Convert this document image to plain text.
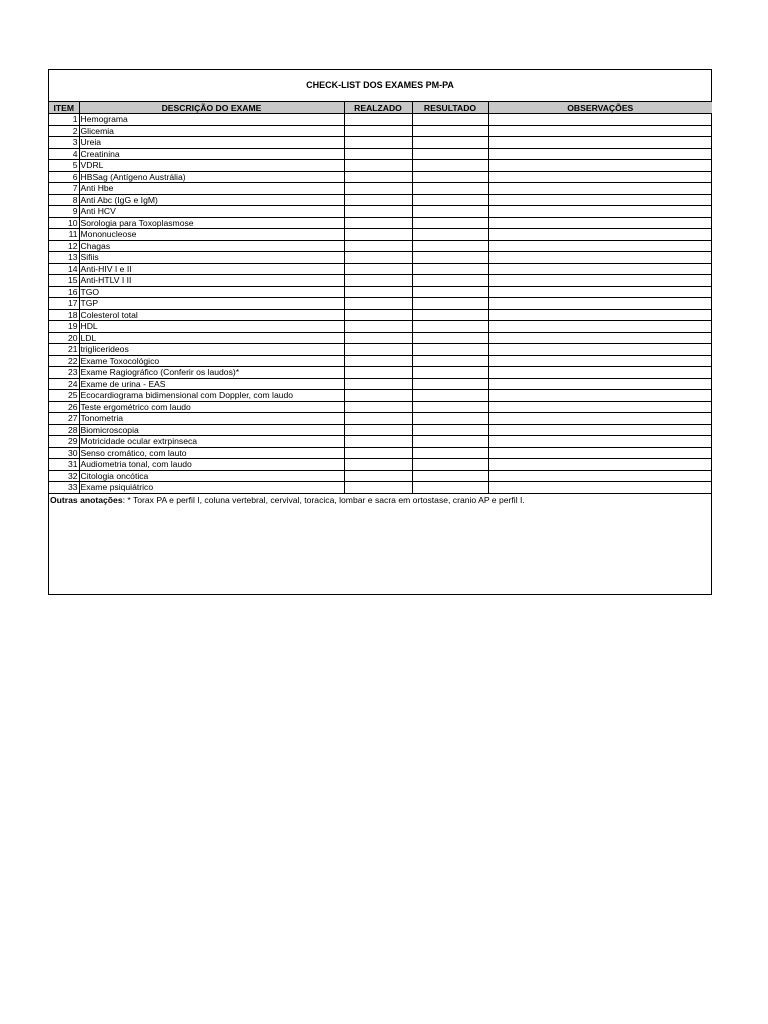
CHECK-LIST DOS EXAMES PM-PA
ITEM	DESCRIÇÃO DO EXAME	REALZADO	RESULTADO	OBSERVAÇÕES
1	Hemograma			
2	Glicemia			
3	Ureia			
4	Creatinina			
5	VDRL			
6	HBSag (Antígeno Austrália)			
7	Anti Hbe			
8	Anti Abc (IgG e IgM)			
9	Anti HCV			
10	Sorologia para Toxoplasmose			
11	Mononucleose			
12	Chagas			
13	Sifiis			
14	Anti-HIV I e II			
15	Anti-HTLV I II			
16	TGO			
17	TGP			
18	Colesterol total			
19	HDL			
20	LDL			
21	triglicerideos			
22	Exame Toxocológico			
23	Exame Ragiográfico (Conferir os laudos)*			
24	Exame de urina - EAS			
25	Ecocardiograma bidimensional com Doppler, com laudo			
26	Teste ergométrico com laudo			
27	Tonometria			
28	Biomicroscopia			
29	Motricidade ocular extrpinseca			
30	Senso cromático, com lauto			
31	Audiometria tonal, com laudo			
32	Citologia oncótica			
33	Exame psiquiátrico			
Outras anotações: * Torax PA e perfil I, coluna vertebral, cervival, toracica, lombar e sacra em ortostase, cranio AP e perfil I.
